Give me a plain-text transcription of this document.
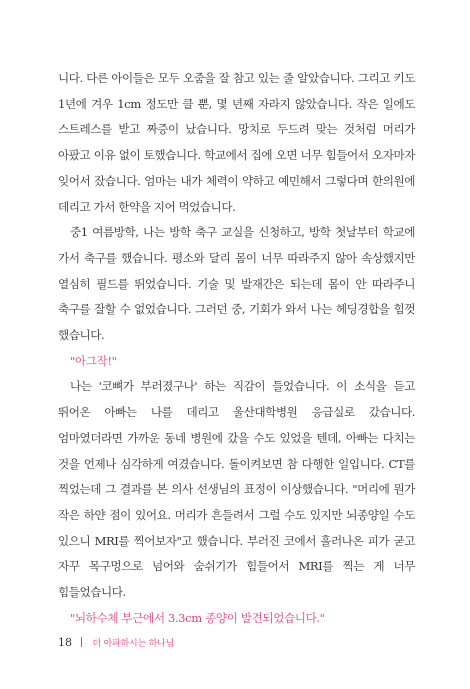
니다. 다른 아이들은 모두 오줌을 잘 참고 있는 줄 알았습니다. 그리고 키도 1년에 겨우 1cm 정도만 클 뿐, 몇 년째 자라지 않았습니다. 작은 일에도 스트레스를 받고 짜증이 났습니다. 망치로 두드려 맞는 것처럼 머리가 아팠고 이유 없이 토했습니다. 학교에서 집에 오면 너무 힘들어서 오자마자 잊어서 잤습니다. 엄마는 내가 체력이 약하고 예민해서 그렇다며 한의원에 데리고 가서 한약을 지어 먹었습니다.

중1 여름방학, 나는 방학 축구 교실을 신청하고, 방학 첫날부터 학교에 가서 축구를 했습니다. 평소와 달리 몸이 너무 따라주지 않아 속상했지만 열심히 필드를 뛰었습니다. 기술 및 발재간은 되는데 몸이 안 따라주니 축구를 잘할 수 없었습니다. 그러던 중, 기회가 와서 나는 헤딩경합을 힘껏 했습니다.

"아그작!"

나는 '코뼈가 부러졌구나' 하는 직감이 들었습니다. 이 소식을 듣고 뛰어온 아빠는 나를 데리고 울산대학병원 응급실로 갔습니다. 엄마였더라면 가까운 동네 병원에 갔을 수도 있었을 텐데, 아빠는 다치는 것을 언제나 심각하게 여겼습니다. 돌이켜보면 참 다행한 일입니다. CT를 찍었는데 그 결과를 본 의사 선생님의 표정이 이상했습니다. "머리에 뭔가 작은 하얀 점이 있어요. 머리가 흔들려서 그럴 수도 있지만 뇌종양일 수도 있으니 MRI를 찍어보자"고 했습니다. 부러진 코에서 흘러나온 피가 굳고 자꾸 목구멍으로 넘어와 숨쉬기가 힘들어서 MRI를 찍는 게 너무 힘들었습니다.

"뇌하수체 부근에서 3.3cm 종양이 발견되었습니다."

18 더 아파하시는 하나님
